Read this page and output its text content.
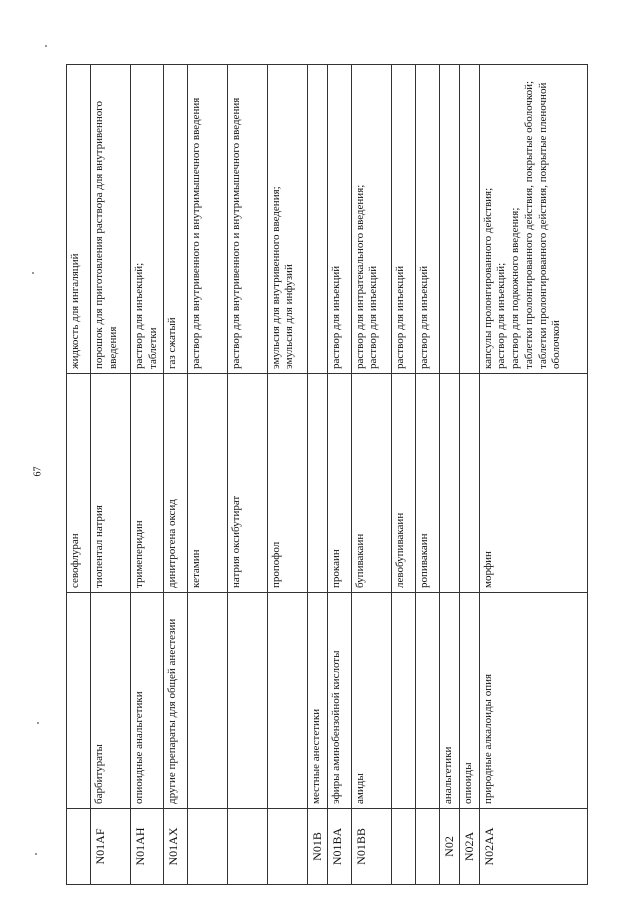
67
		севофлуран	жидкость для ингаляций

N01AF	барбитураты	тиопентал натрия	порошок для приготовления раствора для внутривенного введения

N01AH	опиоидные анальгетики	тримеперидин	раствор для инъекций; таблетки

N01AX	другие препараты для общей анестезии	динитрогена оксид	газ сжатый

		кетамин	раствор для внутривенного и внутримышечного введения

		натрия оксибутират	раствор для внутривенного и внутримышечного введения

		пропофол	эмульсия для внутривенного введения; эмульсия для инфузий

N01B	местные анестетики		

N01BA	эфиры аминобензойной кислоты	прокаин	раствор для инъекций

N01BB	амиды	бупивакаин	раствор для интратекального введения; раствор для инъекций

		левобупивакаин	раствор для инъекций

		ропивакаин	раствор для инъекций

N02	анальгетики		

N02A	опиоиды		

N02AA	природные алкалоиды опия	морфин	капсулы пролонгированного действия; раствор для инъекций; раствор для подкожного введения; таблетки пролонгированного действия, покрытые оболочкой; таблетки пролонгированного действия, покрытые пленочной оболочкой
